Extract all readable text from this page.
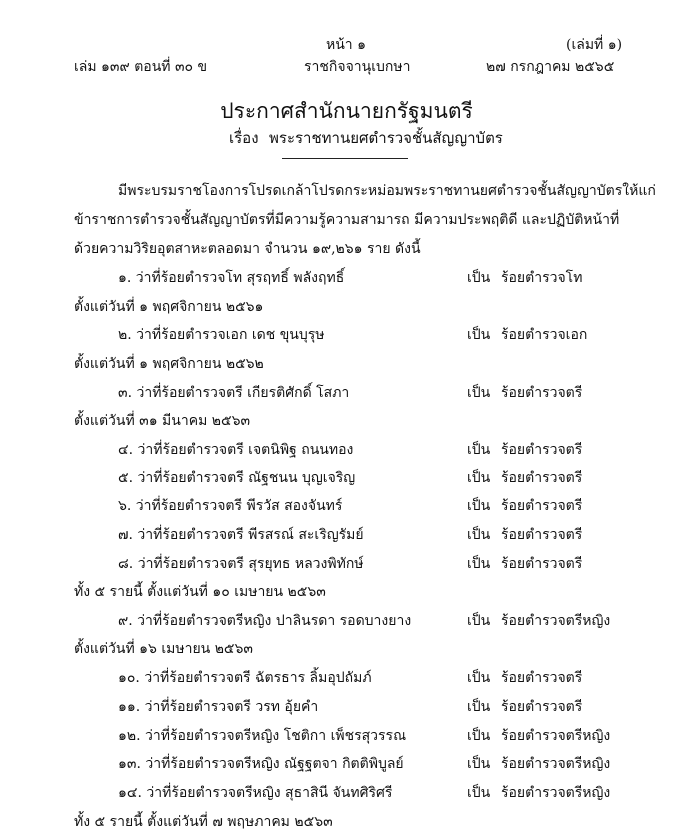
หน้า ๑	(เล่มที่ ๑)
เล่ม ๑๓๙ ตอนที่ ๓๐ ข	ราชกิจจานุเบกษา	๒๗ กรกฎาคม ๒๕๖๕
ประกาศสำนักนายกรัฐมนตรี
เรื่อง พระราชทานยศตำรวจชั้นสัญญาบัตร
มีพระบรมราชโองการโปรดเกล้าโปรดกระหม่อมพระราชทานยศตำรวจชั้นสัญญาบัตรให้แก่
ข้าราชการตำรวจชั้นสัญญาบัตรที่มีความรู้ความสามารถ มีความประพฤติดี และปฏิบัติหน้าที่
ด้วยความวิริยอุตสาหะตลอดมา จำนวน ๑๙,๒๖๑ ราย ดังนี้
๑. ว่าที่ร้อยตำรวจโท สุรฤทธิ์ พลังฤทธิ์	เป็น ร้อยตำรวจโท
ตั้งแต่วันที่ ๑ พฤศจิกายน ๒๕๖๑
๒. ว่าที่ร้อยตำรวจเอก เดช ขุนบุรุษ	เป็น ร้อยตำรวจเอก
ตั้งแต่วันที่ ๑ พฤศจิกายน ๒๕๖๒
๓. ว่าที่ร้อยตำรวจตรี เกียรติศักดิ์ โสภา	เป็น ร้อยตำรวจตรี
ตั้งแต่วันที่ ๓๑ มีนาคม ๒๕๖๓
๔. ว่าที่ร้อยตำรวจตรี เจตนิพิฐ ถนนทอง	เป็น ร้อยตำรวจตรี
๕. ว่าที่ร้อยตำรวจตรี ณัฐชนน บุญเจริญ	เป็น ร้อยตำรวจตรี
๖. ว่าที่ร้อยตำรวจตรี พีรวัส สองจันทร์	เป็น ร้อยตำรวจตรี
๗. ว่าที่ร้อยตำรวจตรี พีรสรณ์ สะเริญรัมย์	เป็น ร้อยตำรวจตรี
๘. ว่าที่ร้อยตำรวจตรี สุรยุทธ หลวงพิทักษ์	เป็น ร้อยตำรวจตรี
ทั้ง ๕ รายนี้ ตั้งแต่วันที่ ๑๐ เมษายน ๒๕๖๓
๙. ว่าที่ร้อยตำรวจตรีหญิง ปาลินรดา รอดบางยาง	เป็น ร้อยตำรวจตรีหญิง
ตั้งแต่วันที่ ๑๖ เมษายน ๒๕๖๓
๑๐. ว่าที่ร้อยตำรวจตรี ฉัตรธาร ลิ้มอุปถัมภ์	เป็น ร้อยตำรวจตรี
๑๑. ว่าที่ร้อยตำรวจตรี วรท อุ้ยคำ	เป็น ร้อยตำรวจตรี
๑๒. ว่าที่ร้อยตำรวจตรีหญิง โชติกา เพ็ชรสุวรรณ	เป็น ร้อยตำรวจตรีหญิง
๑๓. ว่าที่ร้อยตำรวจตรีหญิง ณัฐฐตจา กิตติพิบูลย์	เป็น ร้อยตำรวจตรีหญิง
๑๔. ว่าที่ร้อยตำรวจตรีหญิง สุธาสินี จันทศิริศรี	เป็น ร้อยตำรวจตรีหญิง
ทั้ง ๕ รายนี้ ตั้งแต่วันที่ ๗ พฤษภาคม ๒๕๖๓
